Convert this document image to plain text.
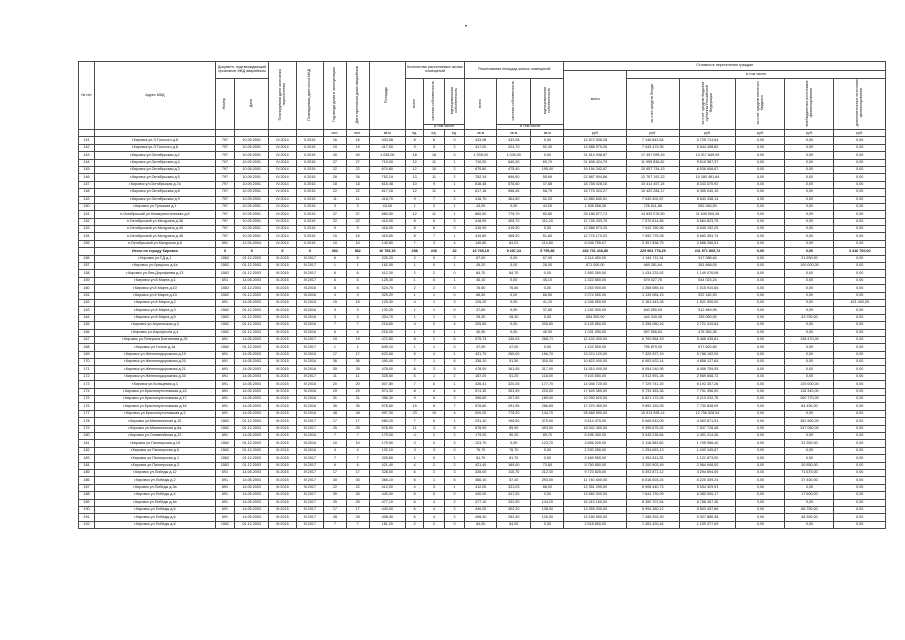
•
№ п/п	Адрес МКД	Документ, подтверждающий признание МКД аварийным		Планируемая дата окончания переселения	Планируемая дата сноса МКД	Год ввода дома в эксплуатацию	Дата признания дома аварийным	Площадь	Количество расселяемых жилых помещений			Расселяемая площадь жилых помещений			Стоимость переселения граждан					
															всего	в том числе				
		Номер	Дата						всего	частная собственность	муниципальная собственность	всего	частная собственность	муниципальная собственность		за счет средств Фонда	за счет средств бюджета субъекта Российской Федерации	за счет средств местного бюджета	внебюджетных источников финансирования	дополнительные источники финансирования
										в том числе			в том числе							
						чел.	чел.	кв.м	ед.	ед.	ед.	кв.м	кв.м	кв.м	руб.	руб.	руб.	руб.	руб.	руб.
141	г.Кировск ул.Л.Толстого д.6	797	10.09.2001	IV.2014	II.2015	16	16	433,08	8	8	0	433,08	433,08	0,00	12 872 538,28	7 146 843,54	5 725 714,64	0,00	0,00	0,00
142	г.Кировск ул.Л.Толстого д.8	797	10.09.2001	IV.2014	II.2015	19	19	417,00	9	5	2	417,00	324,70	92,30	12 688 979,26	7 045 479,35	5 644 498,82	0,00	0,00	0,00
143	г.Кировск ул.Октябрьская д.2	797	10.09.2001	IV.2014	II.2015	40	40	1 035,00	18	18	0	1 035,00	1 035,00	0,00	31 514 948,87	17 497 099,15	14 017 849,09	0,00	0,00	0,00
144	г.Кировск ул.Октябрьская д.4	797	10.09.2001	IV.2014	II.2015	27	27	710,00	12	11	1	710,00	640,30	69,70	21 606 424,79	11 995 836,82	9 610 587,37	0,00	0,00	0,00
145	г.Кировск ул.Октябрьская д.3	797	10.09.2001	IV.2014	II.2015	22	22	670,80	12	10	2	670,80	475,40	195,40	19 194 342,87	10 657 734,13	8 536 608,87	0,00	0,00	0,00
146	г.Кировск ул.Октябрьская д.5	797	10.09.2001	IV.2014	II.2015	26	26	752,19	13	11	2	752,19	696,50	55,69	22 887 904,86	12 707 192,22	10 180 481,64	0,00	0,00	0,00
147	г.Кировск ул.Октябрьская д.7а	797	10.09.2001	IV.2014	II.2015	18	18	616,48	10	9	1	616,48	578,60	37,88	18 758 028,16	10 414 457,24	8 343 570,92	0,00	0,00	0,00
148	г.Кировск ул.Октябрьская д.8	797	10.09.2001	IV.2014	II.2015	22	22	617,16	12	11	1	617,16	558,46	58,70	18 775 324,27	10 420 284,17	8 355 040,10	0,00	0,00	0,00
149	г.Кировск ул.Октябрьская д.9	797	10.09.2001	IV.2014	II.2015	11	11	416,70	9	7	2	416,70	364,50	52,20	12 683 840,51	7 040 402,67	5 643 438,14	0,00	0,00	0,00
150	г.Кировск ул.Тульская д.1	797	10.09.2001	IV.2014	II.2015	3	3	43,00	1	0	1	43,00	0,00	43,00	1 308 558,36	726 511,86	582 046,50	0,00	0,00	0,00
151	п.Октябрьский ул.Коммунистическая д.5	797	10.09.2001	IV.2014	II.2015	37	37	860,50	12	11	1	860,50	779,70	80,80	26 188 577,74	14 539 078,50	11 649 500,45	0,00	0,00	0,00
152	п.Октябрьский ул.Мичурина д.38	797	10.09.2001	IV.2014	II.2015	22	22	416,90	8	6	2	416,90	305,70	111,20	12 726 433,76	7 070 614,86	5 664 823,75	0,00	0,00	0,00
153	п.Октябрьский ул.Мичурина д.40	797	10.09.2001	IV.2014	II.2015	9	9	416,90	8	8	0	416,90	416,90	0,00	12 688 973,25	7 043 780,96	5 645 192,29	0,00	0,00	0,00
154	п.Октябрьский ул.Мичурина д.48	797	10.09.2001	IV.2014	II.2015	15	15	419,80	8	7	1	419,80	368,20	51,60	12 775 170,02	7 092 775,28	5 682 394,74	0,00	0,00	0,00
155	п.Октябрьский ул.Мичурина д.6	591	12.04.2004	IV.2014	II.2015	10	10	140,80	7	3	4	140,80	83,01	114,80	6 046 755,07	3 357 838,75	2 688 356,51	0,00	0,00	0,00
	Итого по городу Кировск	X	X	X	X	362	362	16 765,19	258	226	32	16 765,19	9 287,24	5 799,86	434 731 418,80	229 904 778,29	211 571 809,72	0,00	0,00	3 316 700,00
156	г.Кировск ул.Г.Д.д.1	1562	01.12.2003	III.2015	IV.2017	6	6	325,20	2	0	2	67,00	0,00	67,00	2 114 450,00	1 144 711,34	917 088,64	0,00	21 650,00	0,00
157	г.Кировск ул.Урицкого д.4а	1562	01.12.2003	III.2015	IV.2017	1	1	162,90	1	0	1	26,20	0,00	26,00	871 000,00	469 281,64	381 668,05	0,00	100 000,00	0,00
158	г.Кировск ул.Лев.Дорофеева д.13	1562	01.12.2003	III.2015	IV.2017	6	6	412,30	2	2	0	84,70	84,70	0,00	2 583 350,00	1 434 233,92	1 149 076,08	0,00	0,00	0,00
159	г.Кировск ул.8 Марта д.1	691	14.05.2003	III.2015	IV.2017	6	6	125,30	1	0	1	45,10	0,00	45,10	1 322 850,00	679 027,76	544 023,24	0,00	0,00	0,00
160	г.Кировск ул.8 Марта д.10	1562	01.12.2003	III.2015	III.2016	8	8	324,75	2	2	0	76,60	76,60	0,00	2 253 900,00	1 268 089,16	1 015 910,84	0,00	0,00	0,00
161	г.Кировск ул.8 Марта д.13	1562	01.12.2003	III.2015	III.2016	4	4	325,20	1	1	0	66,50	0,00	66,50	2 074 550,00	1 139 084,43	922 182,50	0,00	0,00	0,00
162	г.Кировск ул.8 Марта д.2	691	14.05.2003	III.2015	IV.2015	15	15	125,30	4	1	3	125,20	0,00	41,20	4 346 550,00	2 163 443,28	1 821 590,00	0,00	0,00	421 400,00
163	г.Кировск ул.8 Марта д.3	1562	01.12.2003	III.2015	III.2016	3	3	132,25	1	1	0	37,80	0,00	37,80	1 152 900,00	640 050,05	512 849,95	0,00	0,00	0,00
164	г.Кировск ул.8 Марта д.9	1562	01.12.2003	III.2015	III.2016	3	3	324,70	1	1	0	28,30	28,30	0,00	854 300,00	444 340,45	159 050,00	0,00	43 750,00	0,00
165	г.Кировск ул.Апрельская д.3	1562	01.12.2003	III.2015	III.2016	7	7	218,60	4	0	4	205,60	0,00	205,60	6 145 850,00	3 396 080,16	2 721 419,84	0,00	0,00	0,00
166	г.Кировск ул.Аэрофлота д.4	1562	01.12.2003	III.2015	III.2016	6	6	216,30	1	0	1	40,90	0,00	40,90	1 031 950,00	597 596,64	476 363,36	0,00	0,00	0,00
167	г.Кировск ул.Генерала Бахтинова д.25	691	14.05.2003	III.2015	IV.2017	19	19	472,80	8	2	6	375,73	136,03	288,71	12 102 000,00	6 700 964,19	5 468 435,81	0,00	138 470,00	0,00
168	г.Кировск ул.Гоголя д.1а	1562	01.12.2003	III.2015	IV.2017	1	1	649,10	1	1	0	47,00	47,00	0,00	1 422 500,00	795 879,33	677 620,80	0,00	0,00	0,00
169	г.Кировск ул.Железнодорожная д.19	691	14.05.2003	III.2015	IV.2016	17	17	623,60	5	4	1	431,70	265,00	166,70	13 074 120,00	7 325 927,19	5 788 192,09	0,00	0,00	0,00
170	г.Кировск ул.Железнодорожная д.20	691	14.05.2003	III.2015	IV.2016	36	36	490,40	7	1	6	338,10	51,50	300,00	10 822 000,00	6 063 922,14	4 858 127,84	0,00	0,00	0,00
171	г.Кировск ул.Железнодорожная д.21	691	14.05.2003	III.2015	IV.2016	35	35	478,00	8	3	5	478,00	161,05	317,00	14 510 000,00	8 054 240,95	6 456 759,05	0,00	0,00	0,00
172	г.Кировск ул.Железнодорожная д.30	691	14.05.2003	III.2015	IV.2017	11	11	325,60	5	1	2	167,20	51,20	116,00	9 103 650,00	3 912 991,28	2 569 658,72	0,00	0,00	0,00
173	г.Кировск ул.Кольцевая д.1	691	14.05.2003	III.2015	IV.2016	20	20	507,80	7	6	1	426,41	320,25	177,70	14 046 720,00	7 729 741,20	6 192 307,26	0,00	125 000,00	0,00
174	г.Кировск ул.Краснопутиловская д.15	691	14.05.2003	III.2015	IV.2016	29	29	574,30	8	4	4	574,30	353,99	220,00	17 649 350,00	9 739 353,36	7 791 956,00	0,00	118 340,00	0,00
175	г.Кировск ул.Краснопутиловская д.17	691	14.05.2003	III.2015	IV.2016	31	31	396,30	9	6	3	396,60	207,50	189,00	12 090 520,00	6 621 172,26	5 213 032,75	0,00	260 770,00	0,00
176	г.Кировск ул.Краснопутиловская д.18	691	14.05.2003	III.2015	IV.2016	36	36	578,60	15	8	7	578,60	291,95	286,65	17 470 450,00	9 652 152,05	7 732 848,09	0,00	84 450,00	0,00
177	г.Кировск ул.Краснопутиловская д.5	691	14.05.2003	III.2015	IV.2016	48	48	997,30	23	19	4	920,00	775,20	144,70	28 666 590,00	15 913 998,14	12 756 528,34	0,00	0,00	0,00
178	г.Кировск ул.Малининская д.10	1562	01.12.2003	III.2015	IV.2017	17	17	580,20	7	6	1	231,10	196,50	375,00	9 514 475,00	5 069 043,09	4 063 871,91	0,00	381 560,00	0,00
179	г.Кировск ул.Малининская д.6а	1562	01.12.2003	III.2015	IV.2017	25	25	578,90	11	3	8	578,90	85,90	493,00	18 042 450,00	9 398 675,52	7 537 728,46	0,00	247 060,00	0,00
180	г.Кировск ул.Олимпийская д.32	691	14.05.2003	III.2015	IV.2016	7	7	179,00	4	2	2	179,00	90,20	89,70	5 496 450,00	3 045 235,64	2 451 214,36	0,00	0,00	0,00
181	г.Кировск ул.Пионерская д.15	1562	01.12.2003	III.2015	III.2016	10	10	179,90	3	0	3	123,70	0,00	123,70	3 856 200,00	2 118 583,60	1 705 966,40	0,00	31 350,00	0,00
182	г.Кировск ул.Пионерская д.6	1562	01.12.2003	III.2015	III.2016	4	4	132,10	3	3	0	76,70	76,70	0,00	2 330 356,00	1 294 683,13	1 040 345,87	0,00	0,00	0,00
183	г.Кировск ул.Пионерская д.1	1562	01.12.2003	III.2015	IV.2017	7	7	325,60	1	0	1	81,70	81,70	0,00	2 469 550,00	1 352 811,25	1 121 873,00	0,00	0,00	0,00
184	г.Кировск ул.Пионерская д.3	1562	01.12.2003	III.2015	IV.2017	6	6	421,40	4	2	2	421,40	189,00	73,80	5 750 850,00	3 200 903,49	2 564 948,00	0,00	30 550,00	0,00
185	г.Кировск ул.Победы д.12	691	14.05.2003	III.2015	IV.2017	17	17	328,00	6	3	3	328,00	115,70	212,30	9 723 825,00	5 392 871,12	4 294 694,00	0,00	71 675,00	0,00
186	г.Кировск ул.Победы д.2	691	14.05.2003	III.2015	IV.2017	30	30	366,10	6	1	5	366,10	57,40	293,00	11 740 400,00	6 516 003,24	5 220 309,24	0,00	37 450,00	0,00
187	г.Кировск ул.Победы д.3а	691	14.05.2003	III.2015	IV.2017	22	22	412,00	4	3	1	412,00	331,03	88,00	12 351 290,00	6 908 440,73	5 534 329,93	0,00	0,00	0,00
188	г.Кировск ул.Победы д.4	691	14.05.2003	III.2015	IV.2017	30	30	440,00	5	5	0	440,00	347,20	0,00	13 682 000,00	7 644 730,09	6 080 000,17	0,00	17 600,00	0,00
189	г.Кировск ул.Победы д.4а	691	14.05.2003	III.2015	IV.2017	25	25	477,10	6	4	2	477,10	332,90	144,20	15 219 160,00	8 450 707,64	6 768 457,36	0,00	0,00	0,00
190	г.Кировск ул.Победы д.5	691	14.05.2003	III.2015	IV.2017	17	17	440,00	6	4	2	440,00	302,20	138,00	13 359 330,00	6 994 380,12	5 603 497,66	0,00	66 750,00	0,00
191	г.Кировск ул.Победы д.6	691	14.05.2003	III.2015	IV.2017	28	28	408,40	6	4	2	408,40	282,40	126,00	13 160 550,00	7 286 393,39	5 927 886,38	0,00	46 350,00	0,00
192	г.Кировск ул.Победы д.8	1562	01.12.2003	III.2015	IV.2017	7	7	181,20	2	2	0	84,00	84,00	0,00	2 618 800,00	1 453 420,44	1 159 377,69	0,00	0,00	0,00
